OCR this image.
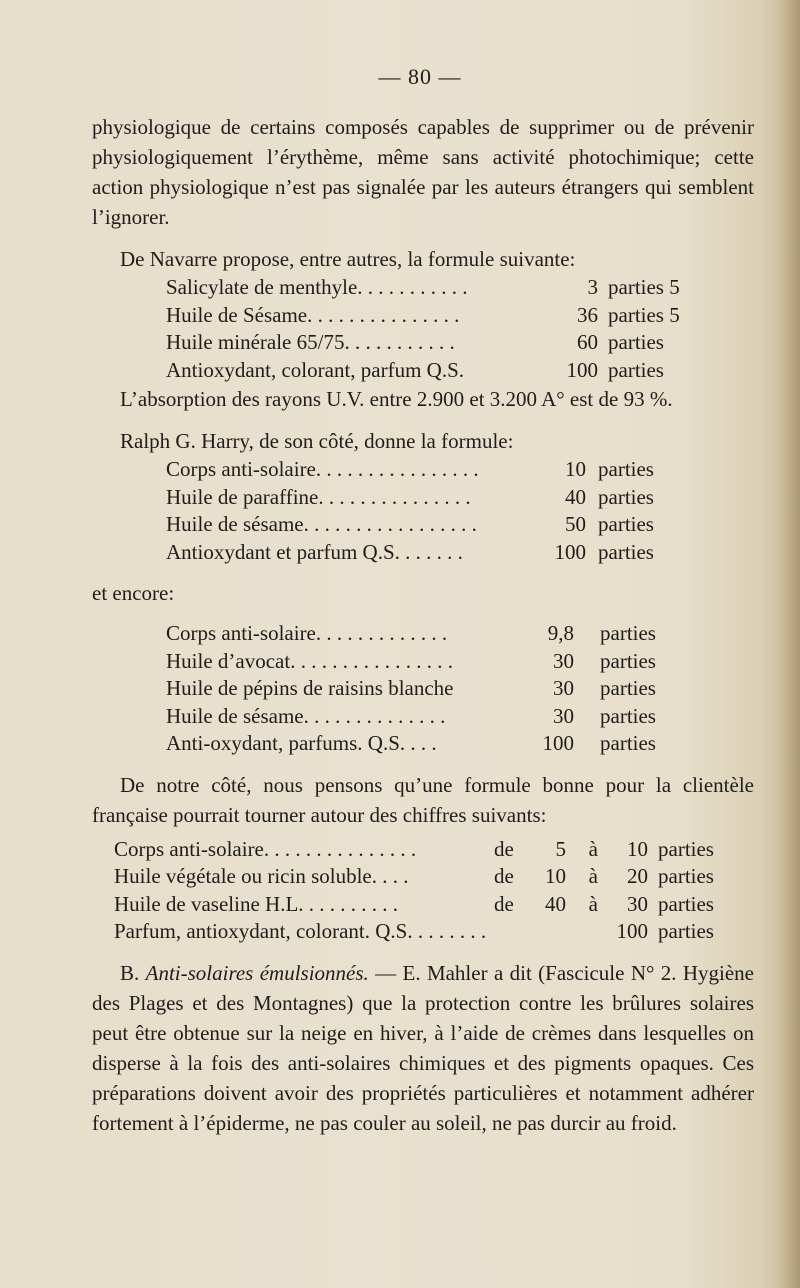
— 80 —

physiologique de certains composés capables de supprimer ou de prévenir physiologiquement l’érythème, même sans activité photochimique; cette action physiologique n’est pas signalée par les auteurs étrangers qui semblent l’ignorer.

De Navarre propose, entre autres, la formule suivante:

Salicylate de menthyle. . . . . . . . . . .	3 parties 5
Huile de Sésame. . . . . . . . . . . . . . .	36 parties 5
Huile minérale 65/75. . . . . . . . . . .	60 parties
Antioxydant, colorant, parfum Q.S.	100 parties

L’absorption des rayons U.V. entre 2.900 et 3.200 A° est de 93 %.

Ralph G. Harry, de son côté, donne la formule:

Corps anti-solaire. . . . . . . . . . . . . . . .	10 parties
Huile de paraffine. . . . . . . . . . . . . . .	40 parties
Huile de sésame. . . . . . . . . . . . . . . . .	50 parties
Antioxydant et parfum Q.S. . . . . . .	100 parties

et encore:

Corps anti-solaire. . . . . . . . . . . . .	9,8	parties
Huile d’avocat. . . . . . . . . . . . . . . .	30	parties
Huile de pépins de raisins blanche	30	parties
Huile de sésame. . . . . . . . . . . . . .	30	parties
Anti-oxydant, parfums. Q.S. . . .	100	parties

De notre côté, nous pensons qu’une formule bonne pour la clientèle française pourrait tourner autour des chiffres suivants:

Corps anti-solaire. . . . . . . . . . . . . . .	de	5	à	10 parties
Huile végétale ou ricin soluble. . . .	de	10	à	20 parties
Huile de vaseline H.L. . . . . . . . . .	de	40	à	30 parties
Parfum, antioxydant, colorant. Q.S. . . . . . . .	100 parties

B. Anti-solaires émulsionnés. — E. Mahler a dit (Fascicule N° 2. Hygiène des Plages et des Montagnes) que la protection contre les brûlures solaires peut être obtenue sur la neige en hiver, à l’aide de crèmes dans lesquelles on disperse à la fois des anti-solaires chimiques et des pigments opaques. Ces préparations doivent avoir des propriétés particulières et notamment adhérer fortement à l’épiderme, ne pas couler au soleil, ne pas durcir au froid.
